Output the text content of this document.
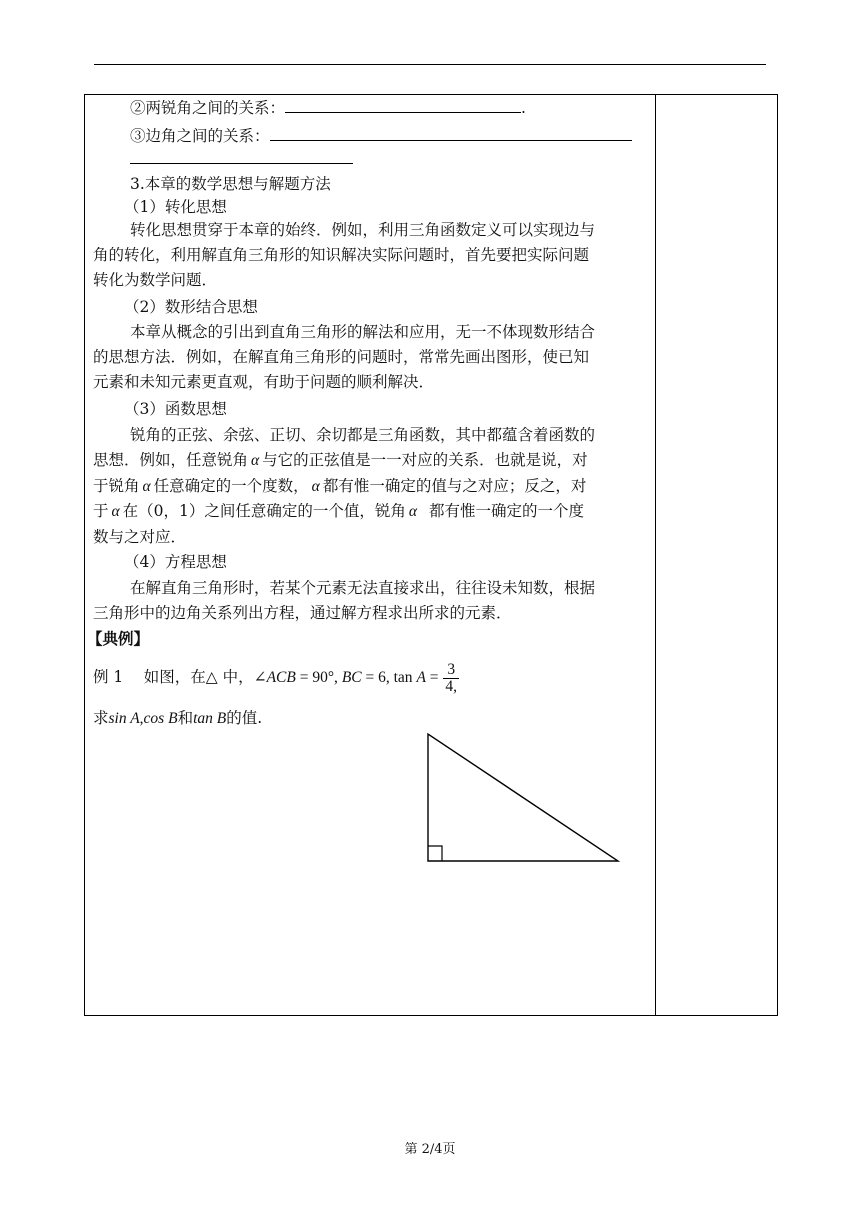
②两锐角之间的关系：	.
③边角之间的关系：
3.本章的数学思想与解题方法
（1）转化思想
转化思想贯穿于本章的始终．例如，利用三角函数定义可以实现边与
角的转化，利用解直角三角形的知识解决实际问题时，首先要把实际问题
转化为数学问题．
（2）数形结合思想
本章从概念的引出到直角三角形的解法和应用，无一不体现数形结合
的思想方法．例如，在解直角三角形的问题时，常常先画出图形，使已知
元素和未知元素更直观，有助于问题的顺利解决．
（3）函数思想
锐角的正弦、余弦、正切、余切都是三角函数，其中都蕴含着函数的
思想．例如，任意锐角 α 与它的正弦值是一一对应的关系．也就是说，对
于锐角 α 任意确定的一个度数， α 都有惟一确定的值与之对应；反之，对
于 α 在（0，1）之间任意确定的一个值，锐角 α 都有惟一确定的一个度
数与之对应．
（4）方程思想
在解直角三角形时，若某个元素无法直接求出，往往设未知数，根据
三角形中的边角关系列出方程，通过解方程求出所求的元素．
【典例】
例 1　 如图，在△ 中，∠ACB = 90°, BC = 6, $\tan A = \frac{3}{4,}$
求sin A,cos B和tan B的值.
第 2/4页
